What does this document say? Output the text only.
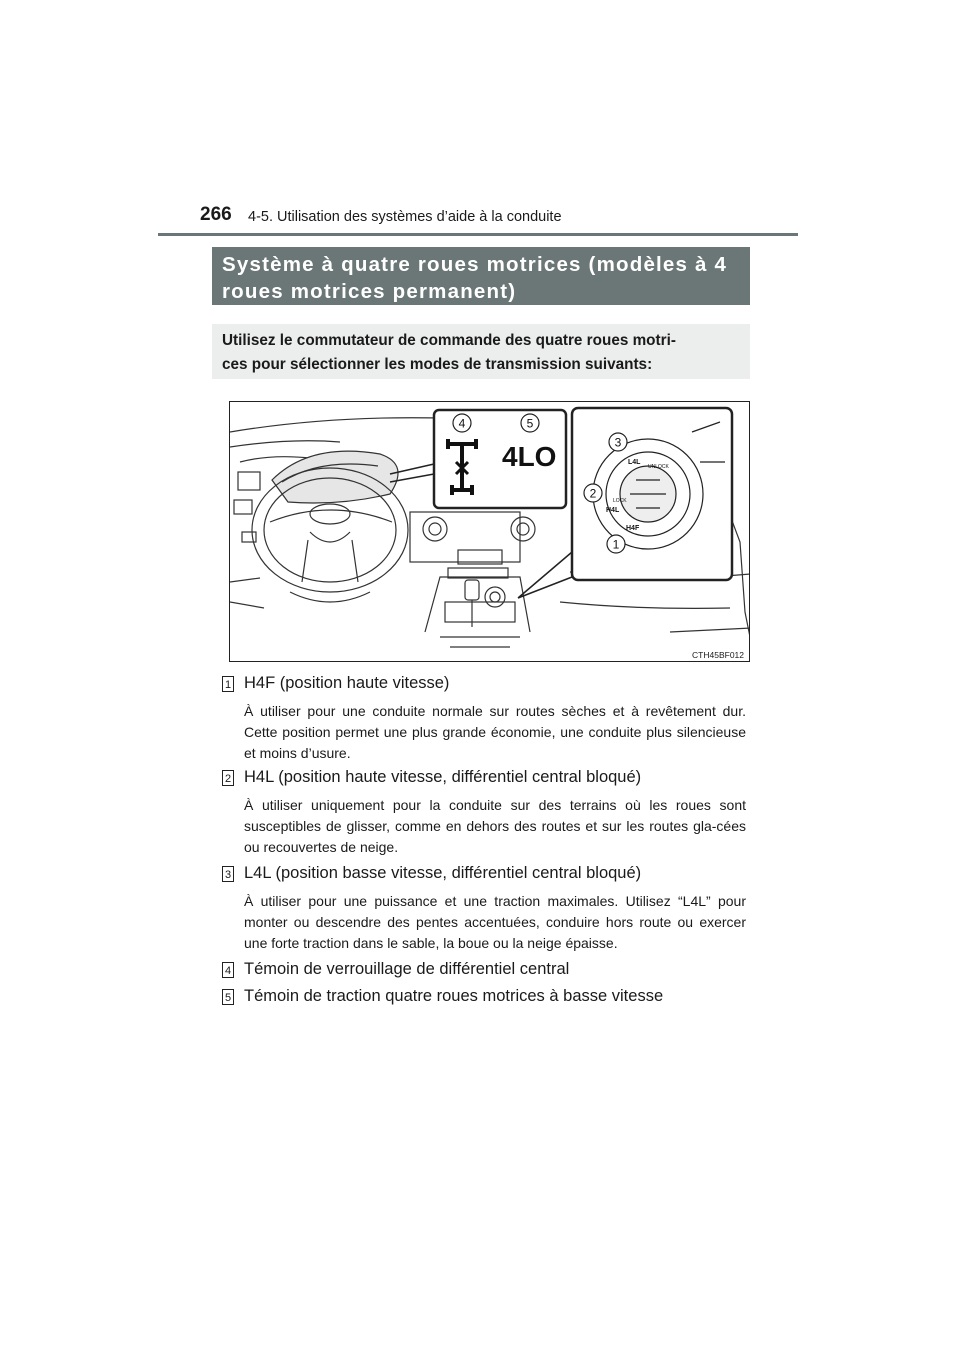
266 4-5. Utilisation des systèmes d’aide à la conduite
Système à quatre roues motrices (modèles à 4
roues motrices permanent)
Utilisez le commutateur de commande des quatre roues motri-
ces pour sélectionner les modes de transmission suivants:
4	5
4LO	L4L
UNLOCK
LOCK
H4L
H4F
3
2
1
CTH45BF012
1 H4F (position haute vitesse)
À utiliser pour une conduite normale sur routes sèches et à revêtement dur. Cette position permet une plus grande économie, une conduite plus silencieuse et moins d’usure.
2 H4L (position haute vitesse, différentiel central bloqué)
À utiliser uniquement pour la conduite sur des terrains où les roues sont susceptibles de glisser, comme en dehors des routes et sur les routes gla-cées ou recouvertes de neige.
3 L4L (position basse vitesse, différentiel central bloqué)
À utiliser pour une puissance et une traction maximales. Utilisez “L4L” pour monter ou descendre des pentes accentuées, conduire hors route ou exercer une forte traction dans le sable, la boue ou la neige épaisse.
4 Témoin de verrouillage de différentiel central
5 Témoin de traction quatre roues motrices à basse vitesse
